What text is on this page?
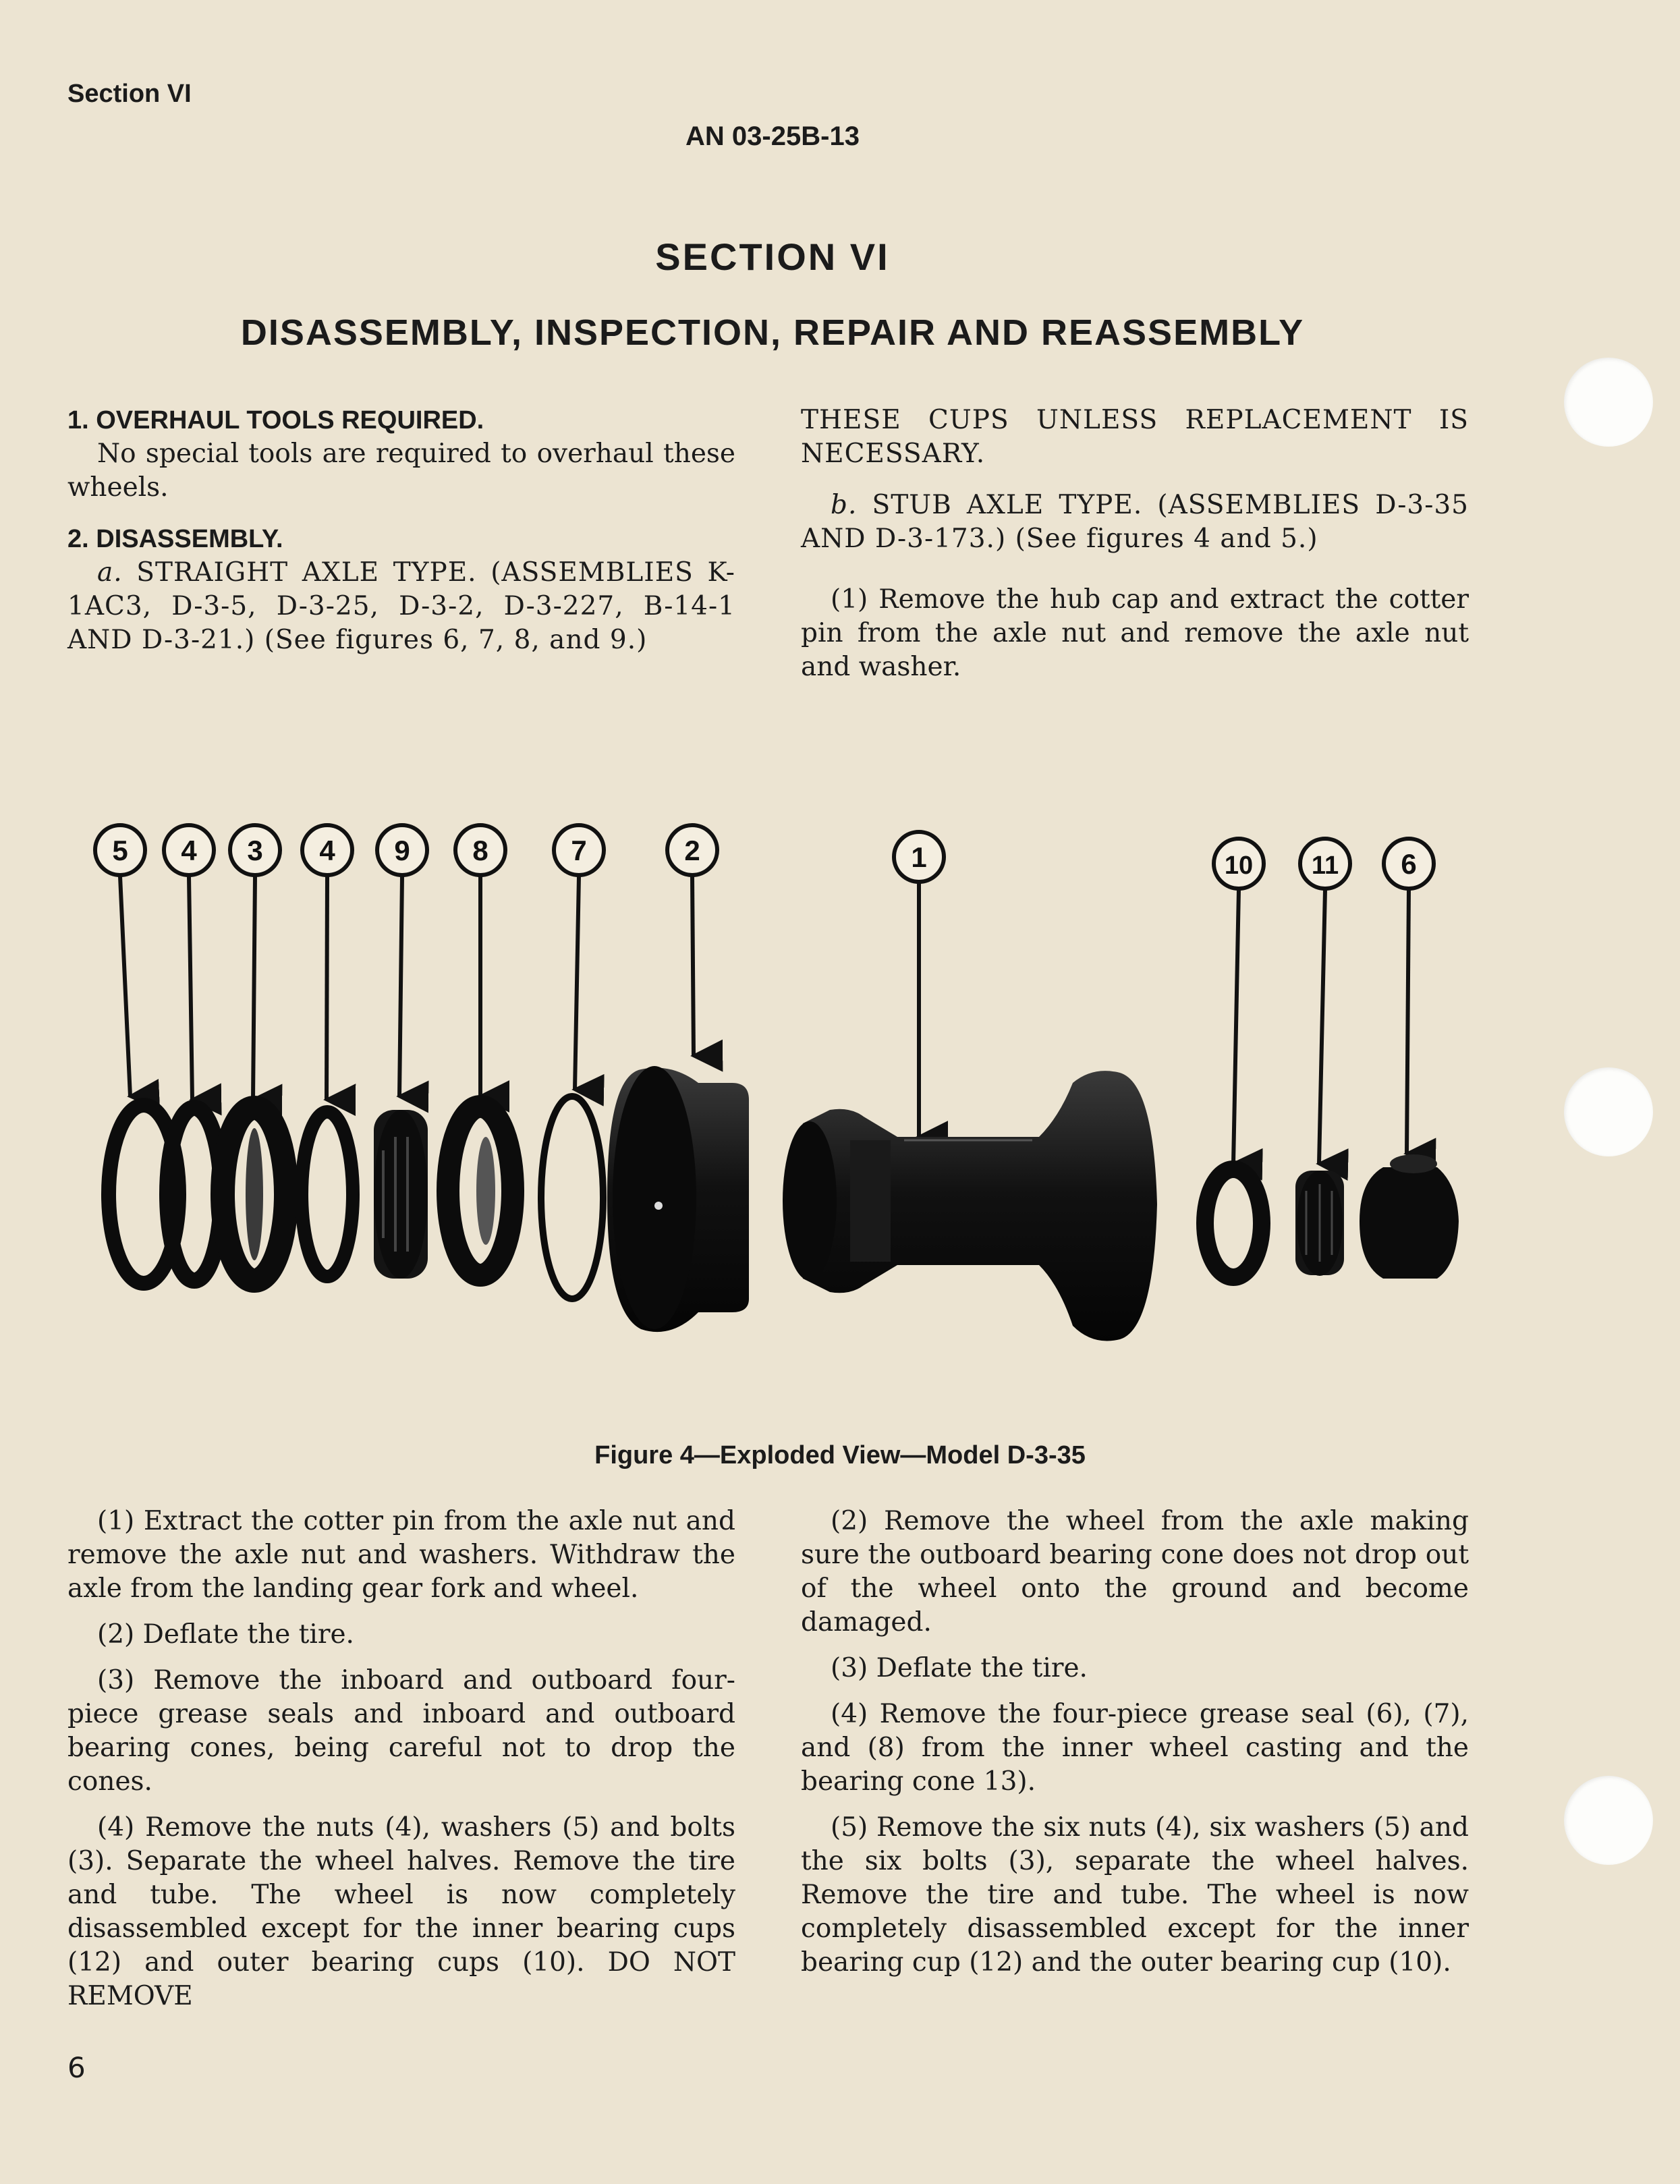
Section VI
AN 03-25B-13
SECTION VI
DISASSEMBLY, INSPECTION, REPAIR AND REASSEMBLY

1. OVERHAUL TOOLS REQUIRED.

No special tools are required to overhaul these wheels.

2. DISASSEMBLY.

a. STRAIGHT AXLE TYPE. (ASSEMBLIES K-1AC3, D-3-5, D-3-25, D-3-2, D-3-227, B-14-1 AND D-3-21.) (See figures 6, 7, 8, and 9.)

THESE CUPS UNLESS REPLACEMENT IS NECESSARY.

b. STUB AXLE TYPE. (ASSEMBLIES D-3-35 AND D-3-173.) (See figures 4 and 5.)

(1) Remove the hub cap and extract the cotter pin from the axle nut and remove the axle nut and washer.

5 4 3 4 9 8	7	2	1	10 11 6
Figure 4—Exploded View—Model D-3-35

(1) Extract the cotter pin from the axle nut and remove the axle nut and washers. Withdraw the axle from the landing gear fork and wheel.

(2) Deflate the tire.

(3) Remove the inboard and outboard four-piece grease seals and inboard and outboard bearing cones, being careful not to drop the cones.

(4) Remove the nuts (4), washers (5) and bolts (3). Separate the wheel halves. Remove the tire and tube. The wheel is now completely disassembled except for the inner bearing cups (12) and outer bearing cups (10). DO NOT REMOVE

(2) Remove the wheel from the axle making sure the outboard bearing cone does not drop out of the wheel onto the ground and become damaged.

(3) Deflate the tire.

(4) Remove the four-piece grease seal (6), (7), and (8) from the inner wheel casting and the bearing cone 13).

(5) Remove the six nuts (4), six washers (5) and the six bolts (3), separate the wheel halves. Remove the tire and tube. The wheel is now completely disassembled except for the inner bearing cup (12) and the outer bearing cup (10).

6
